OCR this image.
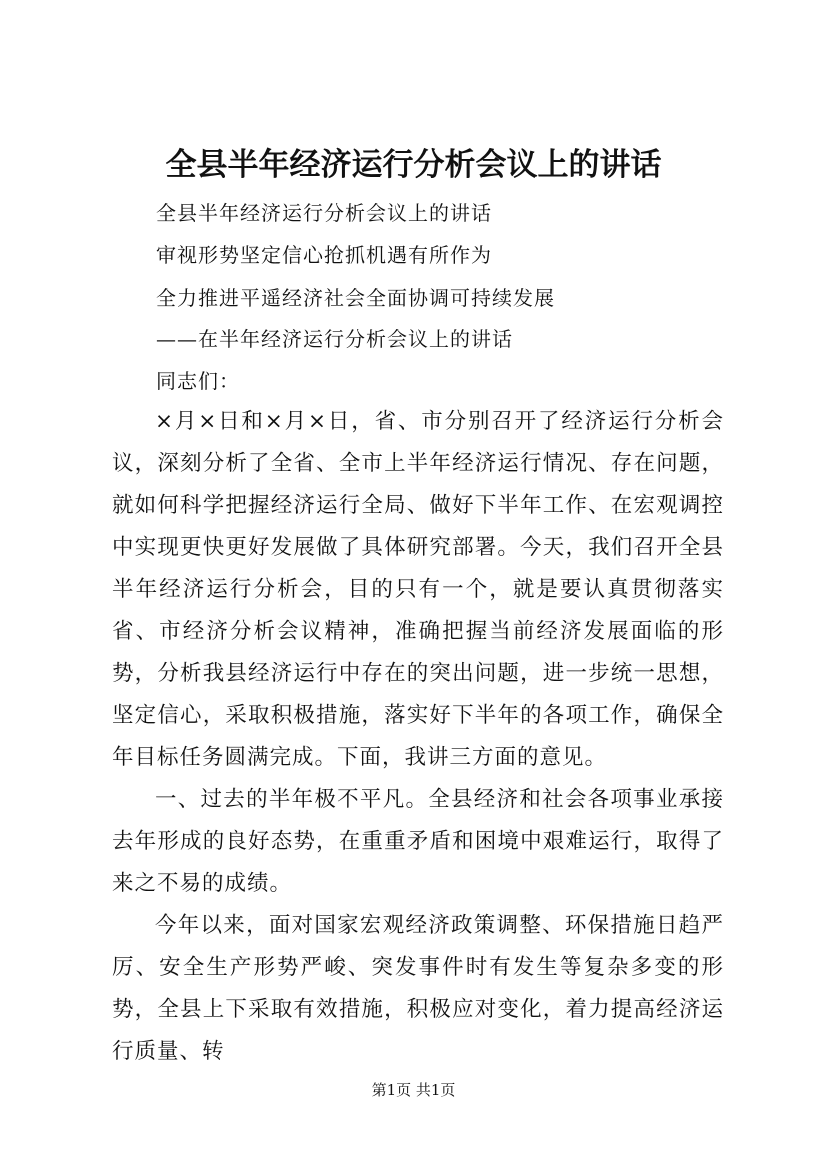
全县半年经济运行分析会议上的讲话
全县半年经济运行分析会议上的讲话
审视形势坚定信心抢抓机遇有所作为
全力推进平遥经济社会全面协调可持续发展
——在半年经济运行分析会议上的讲话
同志们：

×月×日和×月×日，省、市分别召开了经济运行分析会议，深刻分析了全省、全市上半年经济运行情况、存在问题，就如何科学把握经济运行全局、做好下半年工作、在宏观调控中实现更快更好发展做了具体研究部署。今天，我们召开全县半年经济运行分析会，目的只有一个，就是要认真贯彻落实省、市经济分析会议精神，准确把握当前经济发展面临的形势，分析我县经济运行中存在的突出问题，进一步统一思想，坚定信心，采取积极措施，落实好下半年的各项工作，确保全年目标任务圆满完成。下面，我讲三方面的意见。

一、过去的半年极不平凡。全县经济和社会各项事业承接去年形成的良好态势，在重重矛盾和困境中艰难运行，取得了来之不易的成绩。

今年以来，面对国家宏观经济政策调整、环保措施日趋严厉、安全生产形势严峻、突发事件时有发生等复杂多变的形势，全县上下采取有效措施，积极应对变化，着力提高经济运行质量、转

第1页 共1页
